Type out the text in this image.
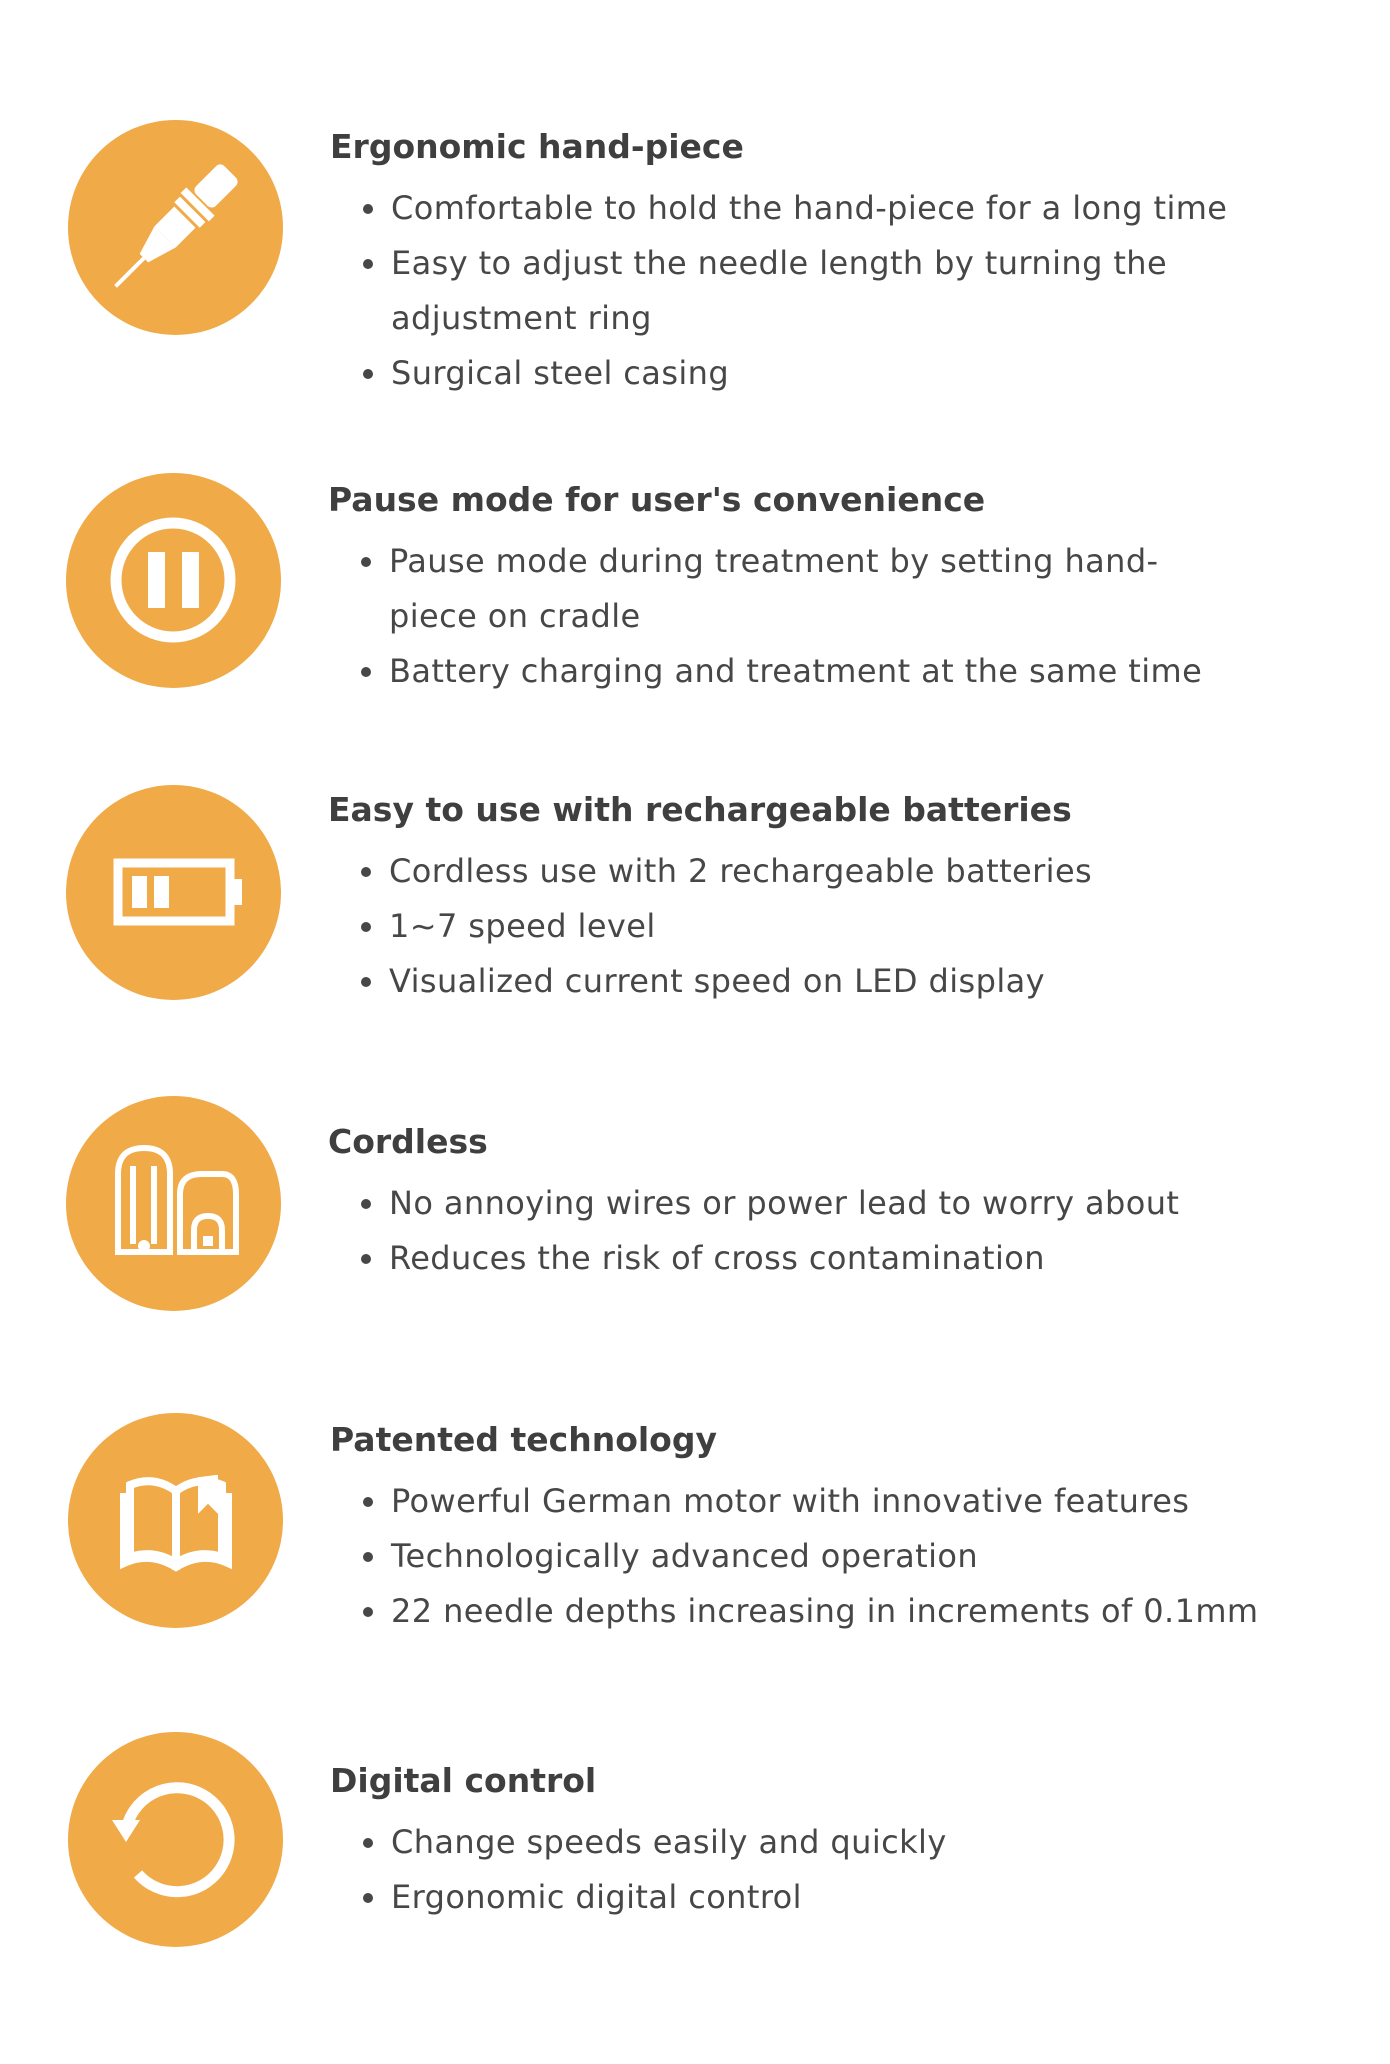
Ergonomic hand-piece
Comfortable to hold the hand-piece for a long time
Easy to adjust the needle length by turning the adjustment ring
Surgical steel casing
Pause mode for user's convenience
Pause mode during treatment by setting hand-piece on cradle
Battery charging and treatment at the same time
Easy to use with rechargeable batteries
Cordless use with 2 rechargeable batteries
1~7 speed level
Visualized current speed on LED display
Cordless
No annoying wires or power lead to worry about
Reduces the risk of cross contamination
Patented technology
Powerful German motor with innovative features
Technologically advanced operation
22 needle depths increasing in increments of 0.1mm
Digital control
Change speeds easily and quickly
Ergonomic digital control
